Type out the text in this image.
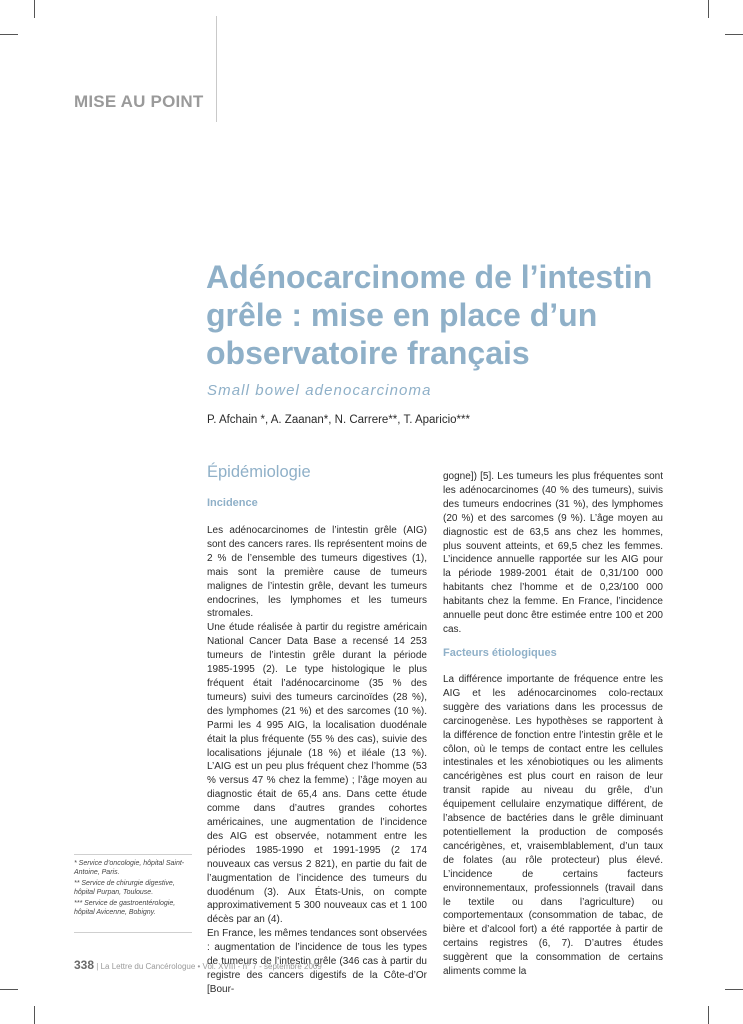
MISE AU POINT
Adénocarcinome de l’intestin grêle : mise en place d’un observatoire français
Small bowel adenocarcinoma
P. Afchain *, A. Zaanan*, N. Carrere**, T. Aparicio***
Épidémiologie
Incidence

Les adénocarcinomes de l’intestin grêle (AIG) sont des cancers rares. Ils représentent moins de 2 % de l’ensemble des tumeurs digestives (1), mais sont la première cause de tumeurs malignes de l’intestin grêle, devant les tumeurs endocrines, les lymphomes et les tumeurs stromales.

Une étude réalisée à partir du registre américain National Cancer Data Base a recensé 14 253 tumeurs de l’intestin grêle durant la période 1985-1995 (2). Le type histologique le plus fréquent était l’adénocarcinome (35 % des tumeurs) suivi des tumeurs carcinoïdes (28 %), des lymphomes (21 %) et des sarcomes (10 %). Parmi les 4 995 AIG, la localisation duodénale était la plus fréquente (55 % des cas), suivie des localisations jéjunale (18 %) et iléale (13 %). L’AIG est un peu plus fréquent chez l’homme (53 % versus 47 % chez la femme) ; l’âge moyen au diagnostic était de 65,4 ans. Dans cette étude comme dans d’autres grandes cohortes américaines, une augmentation de l’incidence des AIG est observée, notamment entre les périodes 1985-1990 et 1991-1995 (2 174 nouveaux cas versus 2 821), en partie du fait de l’augmentation de l’incidence des tumeurs du duodénum (3). Aux États-Unis, on compte approximativement 5 300 nouveaux cas et 1 100 décès par an (4).

En France, les mêmes tendances sont observées : augmentation de l’incidence de tous les types de tumeurs de l’intestin grêle (346 cas à partir du registre des cancers digestifs de la Côte-d’Or [Bour-

gogne]) [5]. Les tumeurs les plus fréquentes sont les adénocarcinomes (40 % des tumeurs), suivis des tumeurs endocrines (31 %), des lymphomes (20 %) et des sarcomes (9 %). L’âge moyen au diagnostic est de 63,5 ans chez les hommes, plus souvent atteints, et 69,5 chez les femmes. L’incidence annuelle rapportée sur les AIG pour la période 1989-2001 était de 0,31/100 000 habitants chez l’homme et de 0,23/100 000 habitants chez la femme. En France, l’incidence annuelle peut donc être estimée entre 100 et 200 cas.

Facteurs étiologiques

La différence importante de fréquence entre les AIG et les adénocarcinomes colo-rectaux suggère des variations dans les processus de carcinogenèse. Les hypothèses se rapportent à la différence de fonction entre l’intestin grêle et le côlon, où le temps de contact entre les cellules intestinales et les xénobiotiques ou les aliments cancérigènes est plus court en raison de leur transit rapide au niveau du grêle, d’un équipement cellulaire enzymatique différent, de l’absence de bactéries dans le grêle diminuant potentiellement la production de composés cancérigènes, et, vraisemblablement, d’un taux de folates (au rôle protecteur) plus élevé. L’incidence de certains facteurs environnementaux, professionnels (travail dans le textile ou dans l’agriculture) ou comportementaux (consommation de tabac, de bière et d’alcool fort) a été rapportée à partir de certains registres (6, 7). D’autres études suggèrent que la consommation de certains aliments comme la

* Service d’oncologie, hôpital Saint-Antoine, Paris.

** Service de chirurgie digestive, hôpital Purpan, Toulouse.

*** Service de gastroentérologie, hôpital Avicenne, Bobigny.

338 | La Lettre du Cancérologue • Vol. XVIII - n° 7 - septembre 2009
